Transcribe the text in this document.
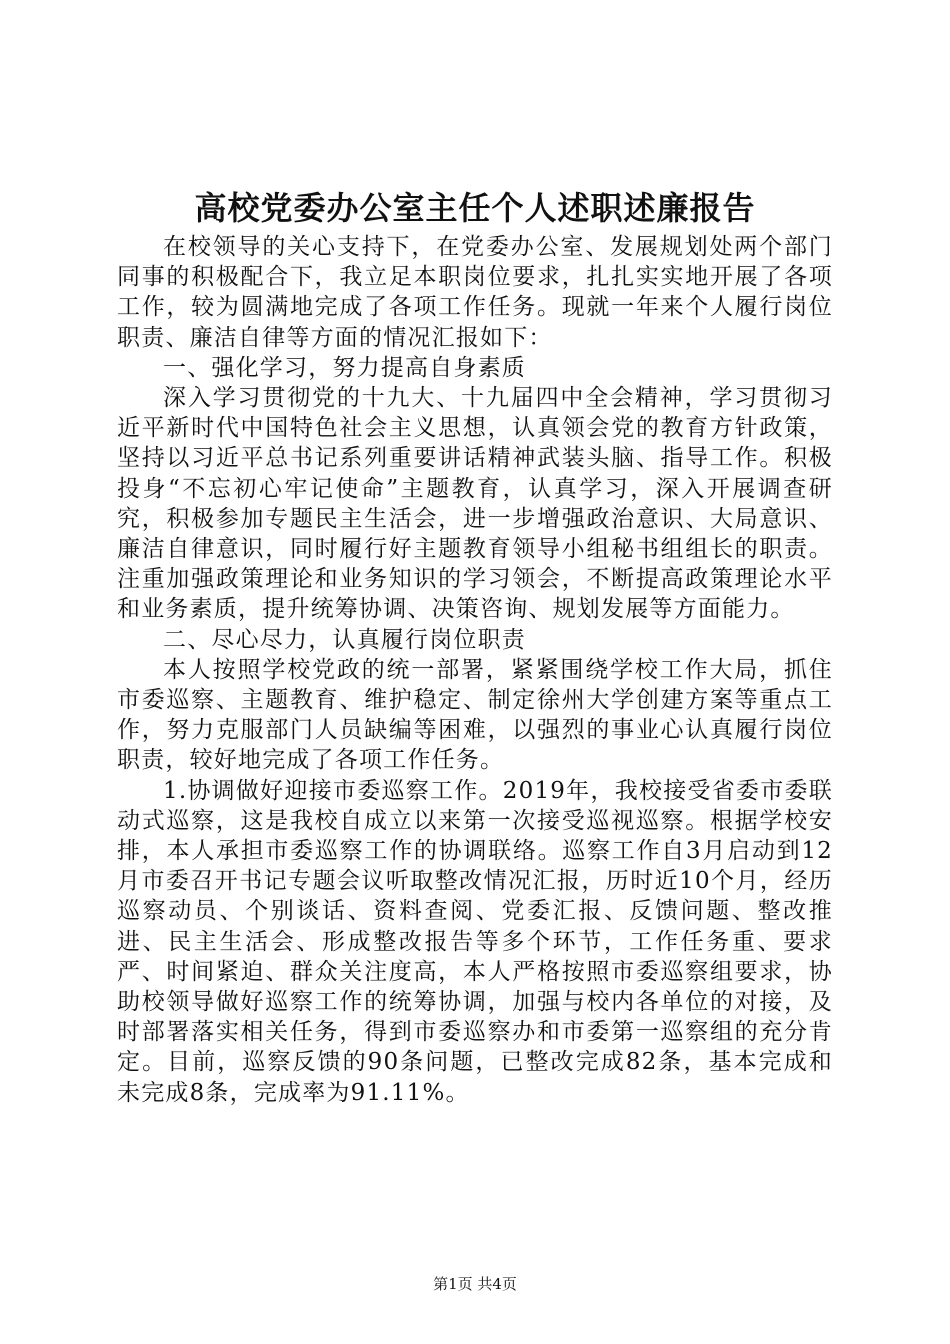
高校党委办公室主任个人述职述廉报告

在校领导的关心支持下，在党委办公室、发展规划处两个部门同事的积极配合下，我立足本职岗位要求，扎扎实实地开展了各项工作，较为圆满地完成了各项工作任务。现就一年来个人履行岗位职责、廉洁自律等方面的情况汇报如下：

一、强化学习，努力提高自身素质

深入学习贯彻党的十九大、十九届四中全会精神，学习贯彻习近平新时代中国特色社会主义思想，认真领会党的教育方针政策，坚持以习近平总书记系列重要讲话精神武装头脑、指导工作。积极投身“不忘初心牢记使命”主题教育，认真学习，深入开展调查研究，积极参加专题民主生活会，进一步增强政治意识、大局意识、廉洁自律意识，同时履行好主题教育领导小组秘书组组长的职责。注重加强政策理论和业务知识的学习领会，不断提高政策理论水平和业务素质，提升统筹协调、决策咨询、规划发展等方面能力。

二、尽心尽力，认真履行岗位职责

本人按照学校党政的统一部署，紧紧围绕学校工作大局，抓住市委巡察、主题教育、维护稳定、制定徐州大学创建方案等重点工作，努力克服部门人员缺编等困难，以强烈的事业心认真履行岗位职责，较好地完成了各项工作任务。

1.协调做好迎接市委巡察工作。2019年，我校接受省委市委联动式巡察，这是我校自成立以来第一次接受巡视巡察。根据学校安排，本人承担市委巡察工作的协调联络。巡察工作自3月启动到12月市委召开书记专题会议听取整改情况汇报，历时近10个月，经历巡察动员、个别谈话、资料查阅、党委汇报、反馈问题、整改推进、民主生活会、形成整改报告等多个环节，工作任务重、要求严、时间紧迫、群众关注度高，本人严格按照市委巡察组要求，协助校领导做好巡察工作的统筹协调，加强与校内各单位的对接，及时部署落实相关任务，得到市委巡察办和市委第一巡察组的充分肯定。目前，巡察反馈的90条问题，已整改完成82条，基本完成和未完成8条，完成率为91.11%。

第1页 共4页
